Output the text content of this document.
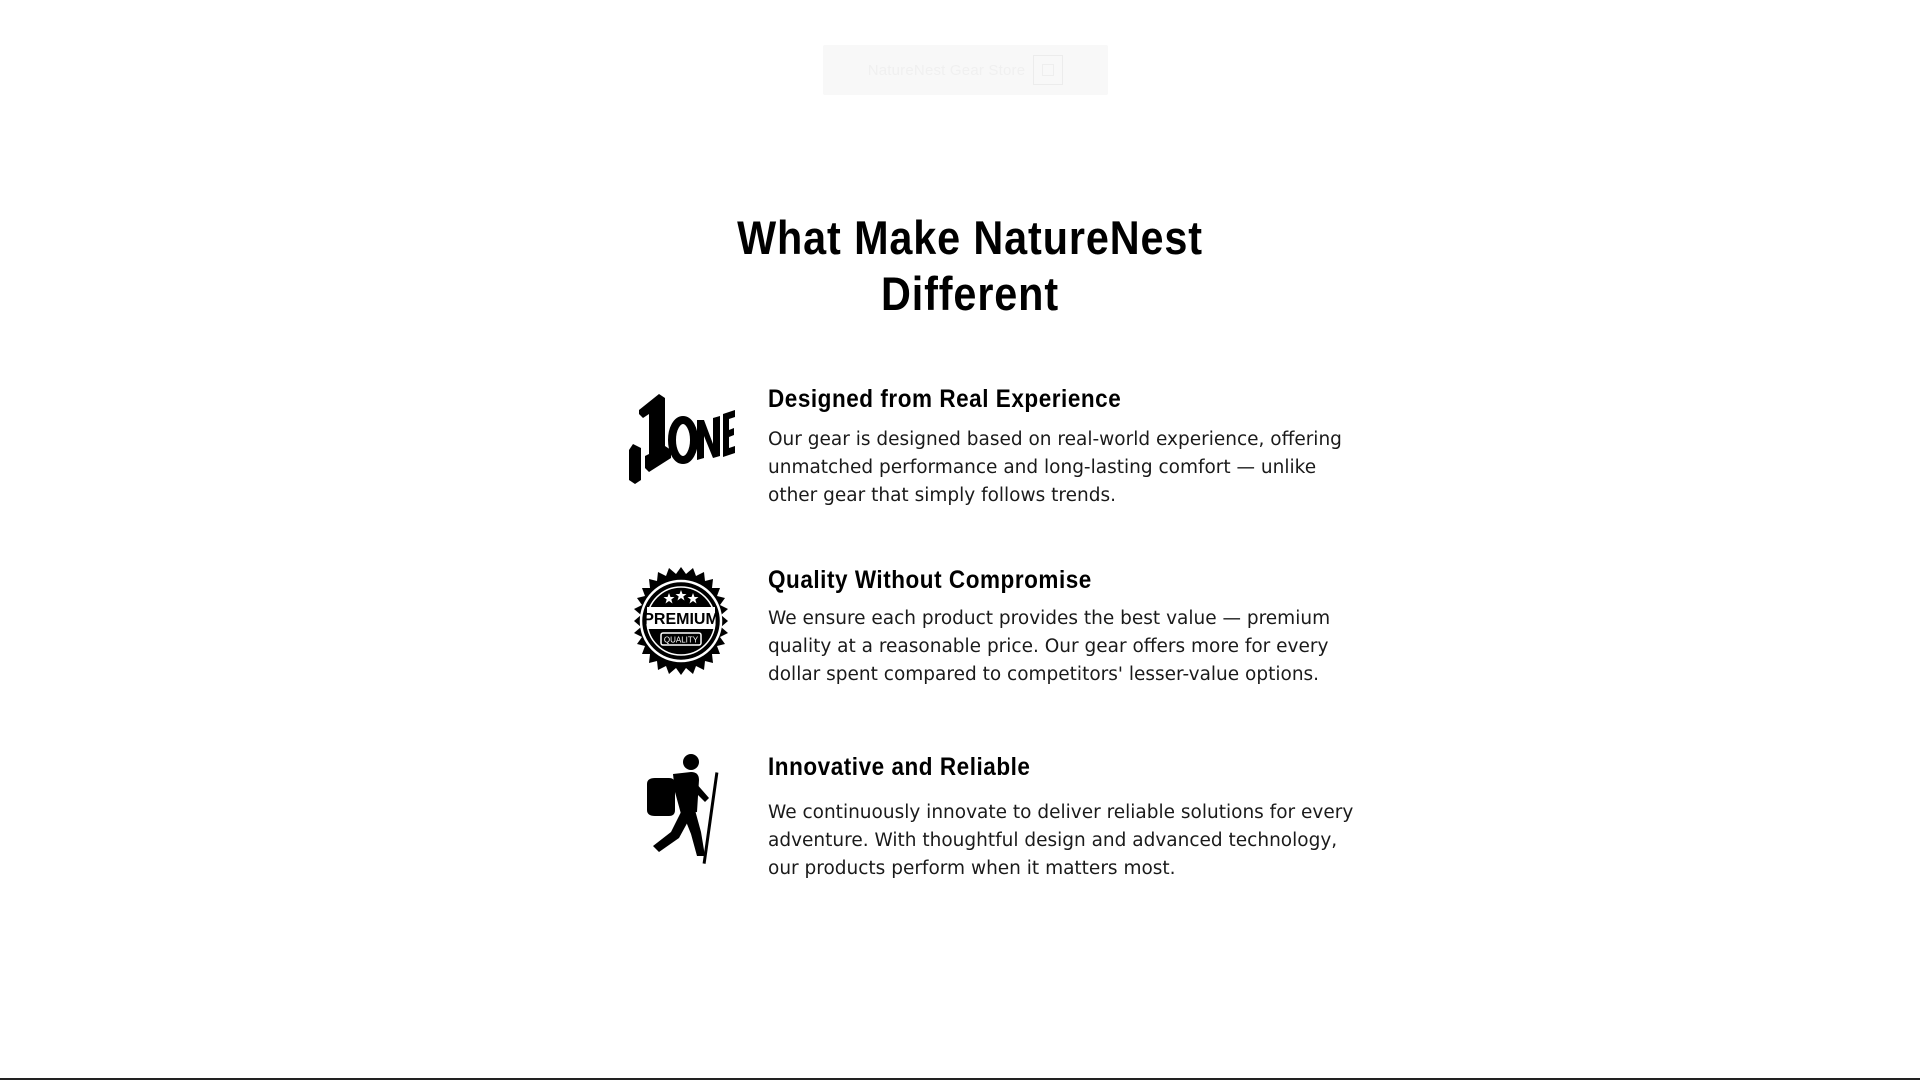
NatureNest Gear Store
What Make NatureNest Different
Designed from Real Experience

Our gear is designed based on real-world experience, offering unmatched performance and long-lasting comfort — unlike other gear that simply follows trends.

PREMIUM
QUALITY
Quality Without Compromise

We ensure each product provides the best value — premium quality at a reasonable price. Our gear offers more for every dollar spent compared to competitors' lesser-value options.

Innovative and Reliable

We continuously innovate to deliver reliable solutions for every adventure. With thoughtful design and advanced technology, our products perform when it matters most.
